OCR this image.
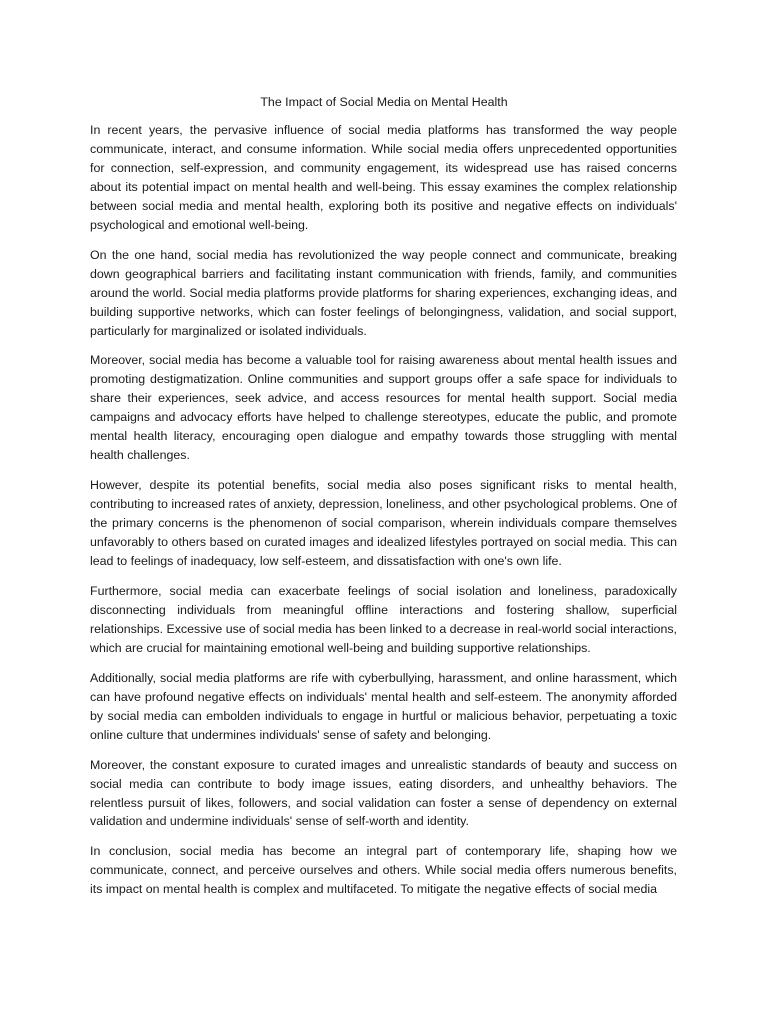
The Impact of Social Media on Mental Health

In recent years, the pervasive influence of social media platforms has transformed the way people communicate, interact, and consume information. While social media offers unprecedented opportunities for connection, self-expression, and community engagement, its widespread use has raised concerns about its potential impact on mental health and well-being. This essay examines the complex relationship between social media and mental health, exploring both its positive and negative effects on individuals' psychological and emotional well-being.

On the one hand, social media has revolutionized the way people connect and communicate, breaking down geographical barriers and facilitating instant communication with friends, family, and communities around the world. Social media platforms provide platforms for sharing experiences, exchanging ideas, and building supportive networks, which can foster feelings of belongingness, validation, and social support, particularly for marginalized or isolated individuals.

Moreover, social media has become a valuable tool for raising awareness about mental health issues and promoting destigmatization. Online communities and support groups offer a safe space for individuals to share their experiences, seek advice, and access resources for mental health support. Social media campaigns and advocacy efforts have helped to challenge stereotypes, educate the public, and promote mental health literacy, encouraging open dialogue and empathy towards those struggling with mental health challenges.

However, despite its potential benefits, social media also poses significant risks to mental health, contributing to increased rates of anxiety, depression, loneliness, and other psychological problems. One of the primary concerns is the phenomenon of social comparison, wherein individuals compare themselves unfavorably to others based on curated images and idealized lifestyles portrayed on social media. This can lead to feelings of inadequacy, low self-esteem, and dissatisfaction with one's own life.

Furthermore, social media can exacerbate feelings of social isolation and loneliness, paradoxically disconnecting individuals from meaningful offline interactions and fostering shallow, superficial relationships. Excessive use of social media has been linked to a decrease in real-world social interactions, which are crucial for maintaining emotional well-being and building supportive relationships.

Additionally, social media platforms are rife with cyberbullying, harassment, and online harassment, which can have profound negative effects on individuals' mental health and self-esteem. The anonymity afforded by social media can embolden individuals to engage in hurtful or malicious behavior, perpetuating a toxic online culture that undermines individuals' sense of safety and belonging.

Moreover, the constant exposure to curated images and unrealistic standards of beauty and success on social media can contribute to body image issues, eating disorders, and unhealthy behaviors. The relentless pursuit of likes, followers, and social validation can foster a sense of dependency on external validation and undermine individuals' sense of self-worth and identity.

In conclusion, social media has become an integral part of contemporary life, shaping how we communicate, connect, and perceive ourselves and others. While social media offers numerous benefits, its impact on mental health is complex and multifaceted. To mitigate the negative effects of social media
